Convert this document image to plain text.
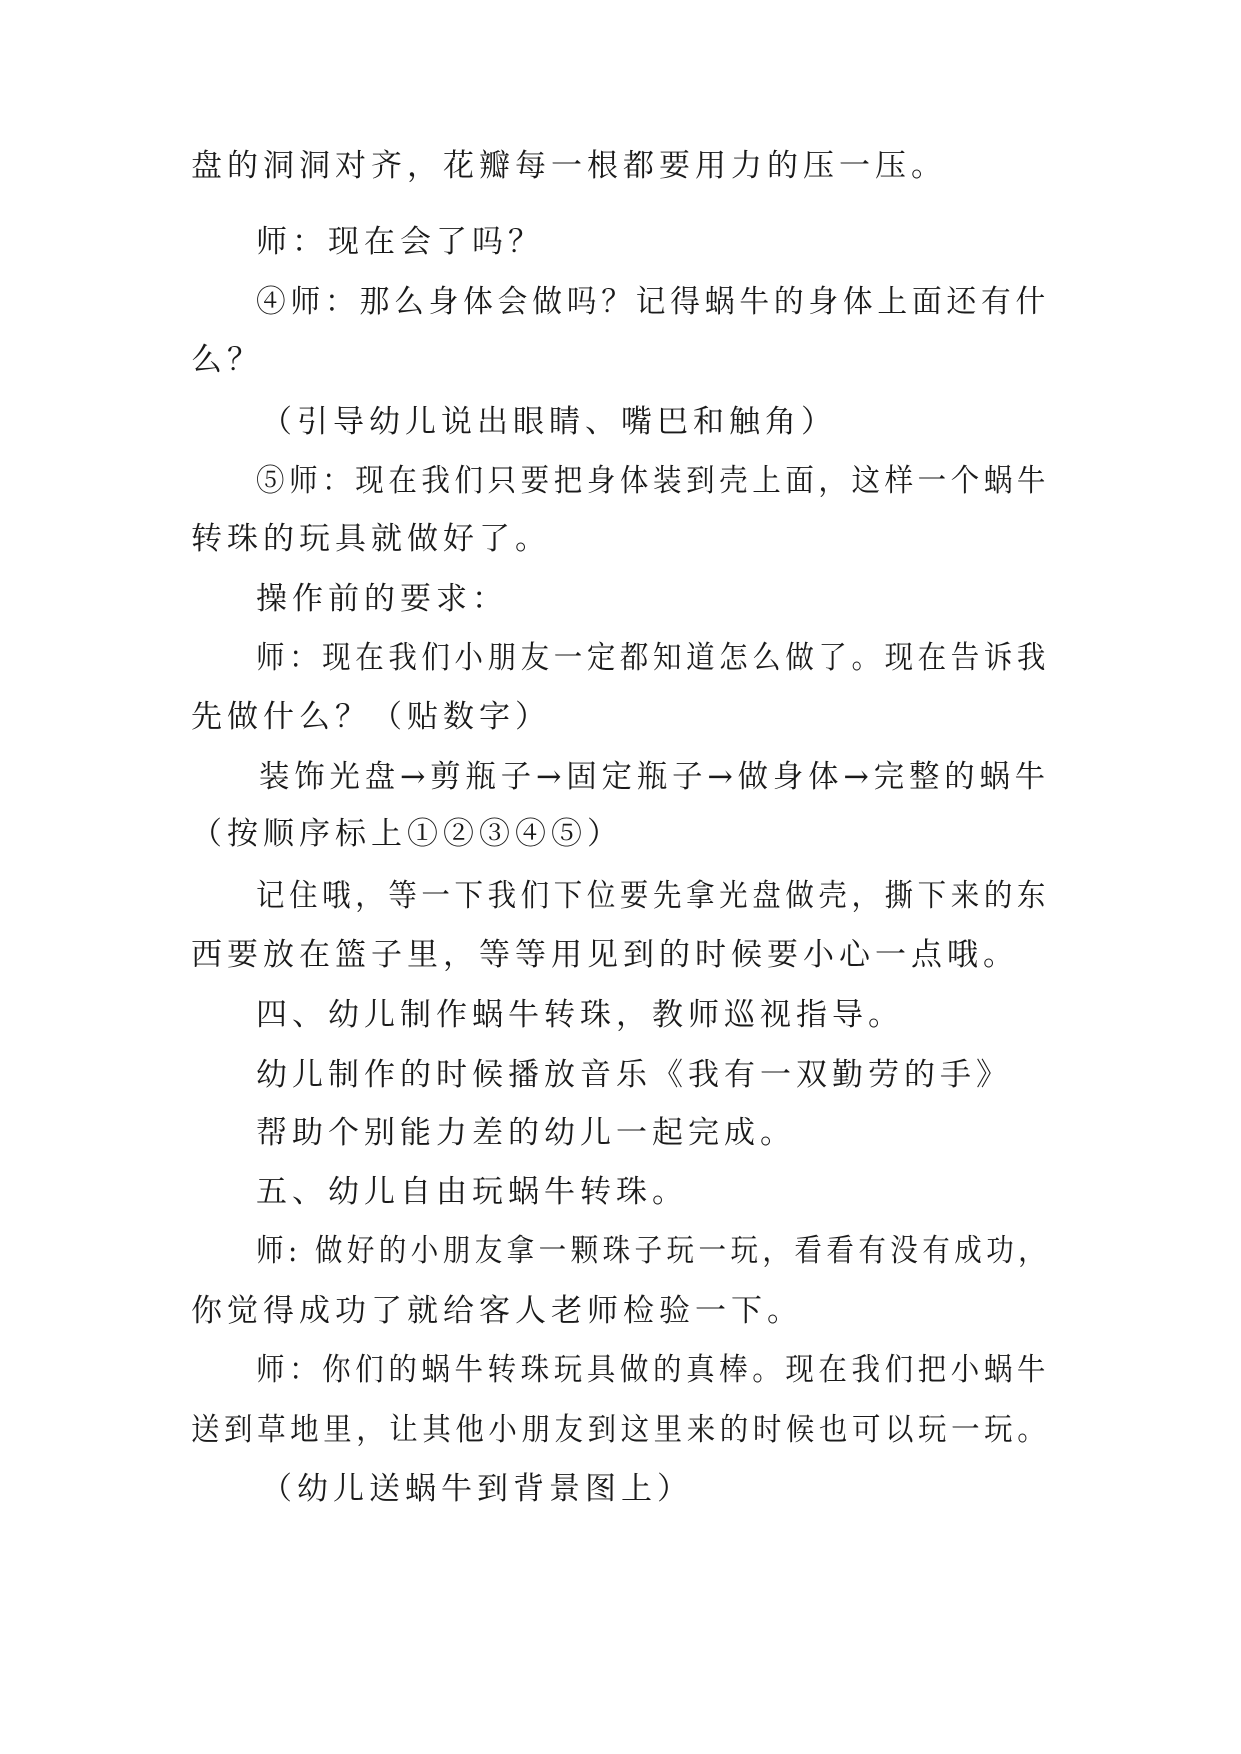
盘的洞洞对齐，花瓣每一根都要用力的压一压。
师：现在会了吗？
④师：那么身体会做吗？记得蜗牛的身体上面还有什
么？
（引导幼儿说出眼睛、嘴巴和触角）
⑤师：现在我们只要把身体装到壳上面，这样一个蜗牛
转珠的玩具就做好了。
操作前的要求：
师：现在我们小朋友一定都知道怎么做了。现在告诉我
先做什么？（贴数字）
装饰光盘→剪瓶子→固定瓶子→做身体→完整的蜗牛
（按顺序标上①②③④⑤）
记住哦，等一下我们下位要先拿光盘做壳，撕下来的东
西要放在篮子里，等等用见到的时候要小心一点哦。
四、幼儿制作蜗牛转珠，教师巡视指导。
幼儿制作的时候播放音乐《我有一双勤劳的手》
帮助个别能力差的幼儿一起完成。
五、幼儿自由玩蜗牛转珠。
师: 做好的小朋友拿一颗珠子玩一玩，看看有没有成功，
你觉得成功了就给客人老师检验一下。
师：你们的蜗牛转珠玩具做的真棒。现在我们把小蜗牛
送到草地里，让其他小朋友到这里来的时候也可以玩一玩。
（幼儿送蜗牛到背景图上）
